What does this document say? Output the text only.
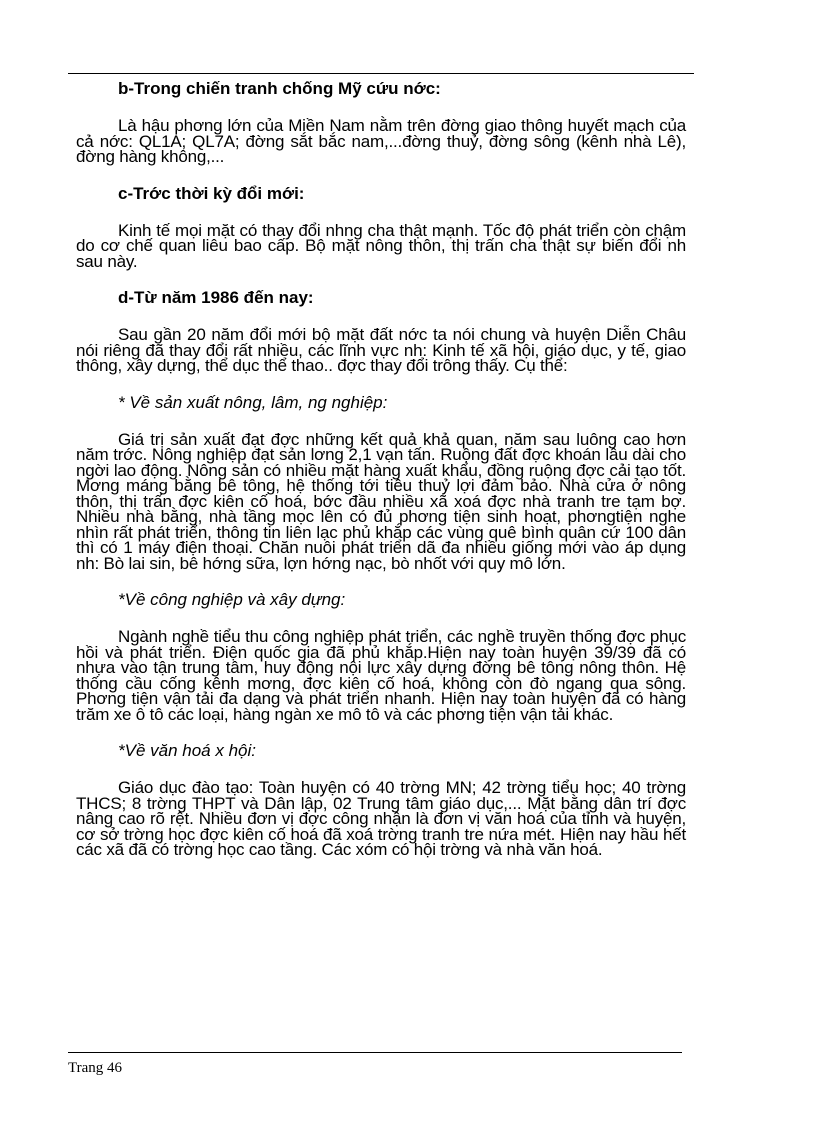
b-Trong chiến tranh chống Mỹ cứu nớc:
Là hậu phơng lớn của Miền Nam nằm trên đờng giao thông huyết mạch của cả nớc: QL1A; QL7A; đờng sắt bắc nam,...đờng thuỷ, đờng sông (kênh nhà Lê), đờng hàng không,...
c-Trớc thời kỳ đổi mới:
Kinh tế mọi mặt có thay đổi nhng cha thật mạnh. Tốc độ phát triển còn chậm do cơ chế quan liêu bao cấp. Bộ mặt nông thôn, thị trấn cha thật sự biến đổi nh sau này.
d-Từ năm 1986 đến nay:
Sau gần 20 năm đổi mới bộ mặt đất nớc ta nói chung và huyện Diễn Châu nói riêng đã thay đổi rất nhiều, các lĩnh vực nh: Kinh tế xã hội, giáo dục, y tế, giao thông, xây dựng, thể dục thể thao.. đợc thay đổi trông thấy. Cụ thể:
* Về sản xuất nông, lâm, ng nghiệp:
Giá trị sản xuất đạt đợc những kết quả khả quan, năm sau luông cao hơn năm trớc. Nông nghiệp đạt sản lơng 2,1 vạn tấn. Ruộng đất đợc khoán lâu dài cho ngời lao động. Nông sản có nhiều mặt hàng xuất khẩu, đồng ruộng đợc cải tạo tốt. Mơng máng bằng bê tông, hệ thống tới tiêu thuỷ lợi đảm bảo. Nhà cửa ở nông thôn, thị trấn đợc kiên cố hoá, bớc đầu nhiều xã xoá đợc nhà tranh tre tạm bợ. Nhiều nhà bằng, nhà tầng mọc lên có đủ phơng tiện sinh hoạt, phơngtiện nghe nhìn rất phát triển, thông tin liên lạc phủ khắp các vùng quê bình quân cứ 100 dân thì có 1 máy điện thoại. Chăn nuôi phát triển dã đa nhiều giống mới vào áp dụng nh: Bò lai sin, bê hớng sữa, lợn hớng nạc, bò nhốt với quy mô lớn.
*Về công nghiệp và xây dựng:
Ngành nghề tiểu thu công nghiệp phát triển, các nghề truyền thống đợc phục hồi và phát triển. Điện quốc gia đã phủ khắp.Hiện nay toàn huyện 39/39 đã có nhựa vào tận trung tâm, huy động nội lực xây dựng đờng bê tông nông thôn. Hệ thống cầu cống kênh mơng, đợc kiên cố hoá, không còn đò ngang qua sông. Phơng tiện vận tải đa dạng và phát triển nhanh. Hiện nay toàn huyện đã có hàng trăm xe ô tô các loại, hàng ngàn xe mô tô và các phơng tiện vận tải khác.
*Về văn hoá x hội:
Giáo dục đào tạo: Toàn huyện có 40 trờng MN; 42 trờng tiểu học; 40 trờng THCS; 8 trờng THPT và Dân lập, 02 Trung tâm giáo dục,... Mặt bằng dân trí đợc nâng cao rõ rệt. Nhiều đơn vị đợc công nhận là đơn vị văn hoá của tỉnh và huyện, cơ sở trờng học đợc kiên cố hoá đã xoá trờng tranh tre nứa mét. Hiện nay hầu hết các xã đã có trờng học cao tầng. Các xóm có hội trờng và nhà văn hoá.
Trang 46
